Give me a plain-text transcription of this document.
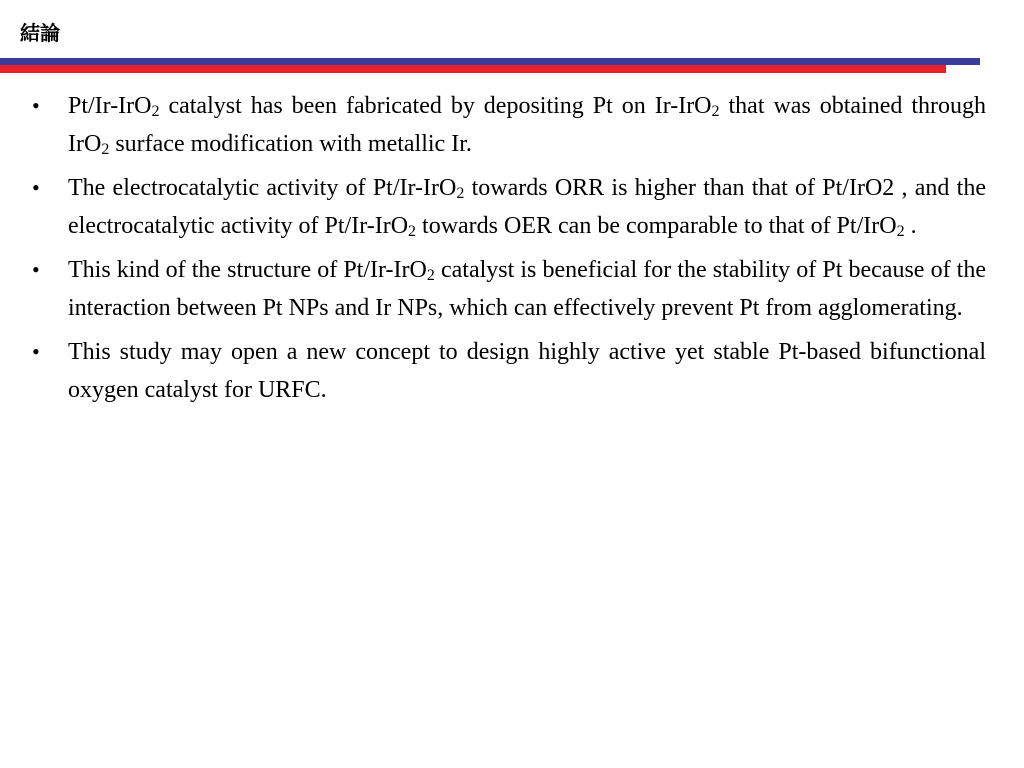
結論
•	Pt/Ir-IrO$_2$ catalyst has been fabricated by depositing Pt on Ir-IrO$_2$ that was obtained through IrO$_2$ surface modification with metallic Ir.
•	The electrocatalytic activity of Pt/Ir-IrO$_2$ towards ORR is higher than that of Pt/IrO2 , and the electrocatalytic activity of Pt/Ir-IrO$_2$ towards OER can be comparable to that of Pt/IrO$_2$ .
•	This kind of the structure of Pt/Ir-IrO$_2$ catalyst is beneficial for the stability of Pt because of the interaction between Pt NPs and Ir NPs, which can effectively prevent Pt from agglomerating.
•	This study may open a new concept to design highly active yet stable Pt-based bifunctional oxygen catalyst for URFC.
